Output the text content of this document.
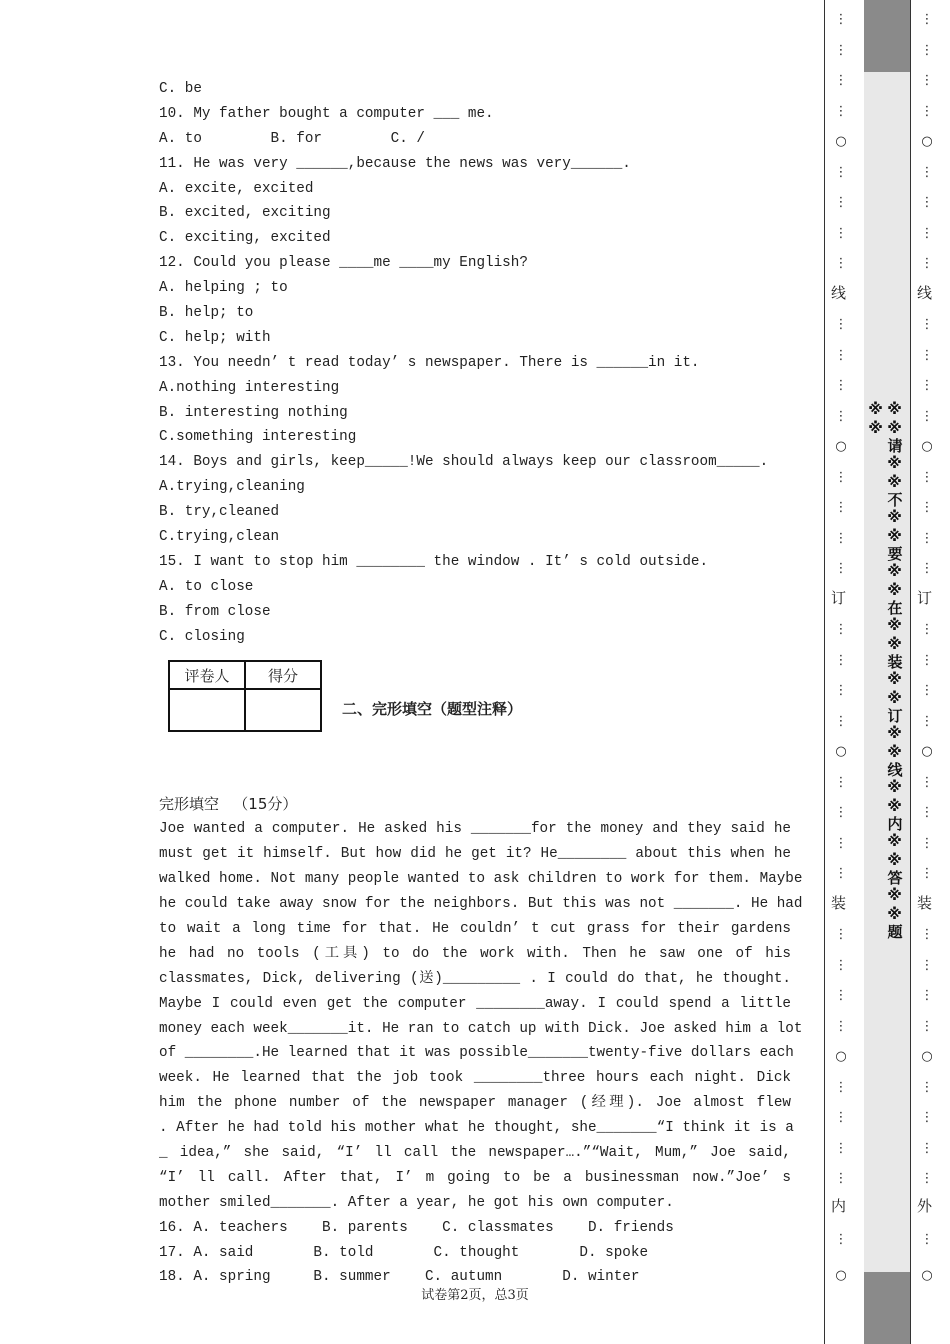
C. be
10. My father bought a computer ___ me.
A. to        B. for        C. /
11. He was very ______,because the news was very______.
A. excite, excited
B. excited, exciting
C. exciting, excited
12. Could you please ____me ____my English?
A. helping ; to
B. help; to
C. help; with
13. You needn’ t read today’ s newspaper. There is ______in it.
A.nothing interesting
B. interesting nothing
C.something interesting
14. Boys and girls, keep_____!We should always keep our classroom_____.
A.trying,cleaning
B. try,cleaned
C.trying,clean
15. I want to stop him ________ the window . It’ s cold outside.
A. to close
B. from close
C. closing
评卷人	得分

二、完形填空（题型注释）
完形填空   （15分）
Joe wanted a computer. He asked his _______for the money and they said he
must get it himself. But how did he get it? He________ about this when he
walked home. Not many people wanted to ask children to work for them. Maybe
he could take away snow for the neighbors. But this was not _______. He had
to wait a long time for that. He couldn’ t cut grass for their gardens
he had no tools (工具) to do the work with. Then he saw one of his
classmates, Dick, delivering (送)_________ . I could do that, he thought.
Maybe I could even get the computer ________away. I could spend a little
money each week_______it. He ran to catch up with Dick. Joe asked him a lot
of ________.He learned that it was possible_______twenty-five dollars each
week. He learned that the job took ________three hours each night. Dick
him the phone number of the newspaper manager (经理). Joe almost flew
. After he had told his mother what he thought, she_______“I think it is a
_ idea,” she said, “I’ ll call the newspaper….”“Wait, Mum,” Joe said,
“I’ ll call. After that, I’ m going to be a businessman now.”Joe’ s
mother smiled_______. After a year, he got his own computer.
16. A. teachers    B. parents    C. classmates    D. friends
17. A. said       B. told       C. thought       D. spoke
18. A. spring     B. summer    C. autumn       D. winter
试卷第2页，总3页
※※请※※不※※要※※在※※装※※订※※线※※内※※答※※题※※
⋮
⋮
⋮
⋮
⋮
⋮
⋮
⋮
⋮
⋮
⋮
⋮
⋮
⋮
⋮
⋮
⋮
⋮
⋮
⋮
⋮
⋮
⋮
⋮
⋮
⋮
⋮
⋮
⋮
⋮
⋮
⋮
⋮
○
○
○
○
线
订
装
内
○
⋮
⋮
⋮
⋮
⋮
⋮
⋮
⋮
⋮
⋮
⋮
⋮
⋮
⋮
⋮
⋮
⋮
⋮
⋮
⋮
⋮
⋮
⋮
⋮
⋮
⋮
⋮
⋮
⋮
⋮
⋮
⋮
⋮
○
○
○
○
线
订
装
外
○
